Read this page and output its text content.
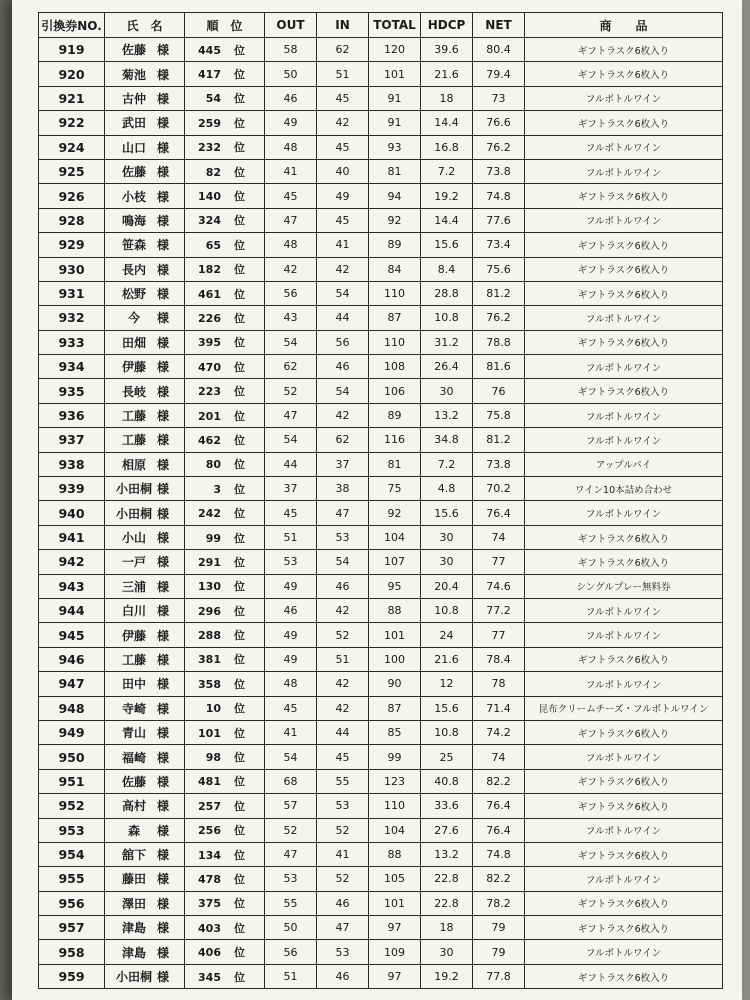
引換券NO.	氏　名	順　位	OUT	IN	TOTAL	HDCP	NET	商　　品
919	佐藤 様	445 位	58	62	120	39.6	80.4	ギフトラスク6枚入り
920	菊池 様	417 位	50	51	101	21.6	79.4	ギフトラスク6枚入り
921	古仲 様	54 位	46	45	91	18	73	フルボトルワイン
922	武田 様	259 位	49	42	91	14.4	76.6	ギフトラスク6枚入り
924	山口 様	232 位	48	45	93	16.8	76.2	フルボトルワイン
925	佐藤 様	82 位	41	40	81	7.2	73.8	フルボトルワイン
926	小枝 様	140 位	45	49	94	19.2	74.8	ギフトラスク6枚入り
928	鳴海 様	324 位	47	45	92	14.4	77.6	フルボトルワイン
929	笹森 様	65 位	48	41	89	15.6	73.4	ギフトラスク6枚入り
930	長内 様	182 位	42	42	84	8.4	75.6	ギフトラスク6枚入り
931	松野 様	461 位	56	54	110	28.8	81.2	ギフトラスク6枚入り
932	今 様	226 位	43	44	87	10.8	76.2	フルボトルワイン
933	田畑 様	395 位	54	56	110	31.2	78.8	ギフトラスク6枚入り
934	伊藤 様	470 位	62	46	108	26.4	81.6	フルボトルワイン
935	長岐 様	223 位	52	54	106	30	76	ギフトラスク6枚入り
936	工藤 様	201 位	47	42	89	13.2	75.8	フルボトルワイン
937	工藤 様	462 位	54	62	116	34.8	81.2	フルボトルワイン
938	相原 様	80 位	44	37	81	7.2	73.8	アップルパイ
939	小田桐 様	3 位	37	38	75	4.8	70.2	ワイン10本詰め合わせ
940	小田桐 様	242 位	45	47	92	15.6	76.4	フルボトルワイン
941	小山 様	99 位	51	53	104	30	74	ギフトラスク6枚入り
942	一戸 様	291 位	53	54	107	30	77	ギフトラスク6枚入り
943	三浦 様	130 位	49	46	95	20.4	74.6	シングルプレー無料券
944	白川 様	296 位	46	42	88	10.8	77.2	フルボトルワイン
945	伊藤 様	288 位	49	52	101	24	77	フルボトルワイン
946	工藤 様	381 位	49	51	100	21.6	78.4	ギフトラスク6枚入り
947	田中 様	358 位	48	42	90	12	78	フルボトルワイン
948	寺崎 様	10 位	45	42	87	15.6	71.4	昆布クリームチーズ・フルボトルワイン
949	青山 様	101 位	41	44	85	10.8	74.2	ギフトラスク6枚入り
950	福崎 様	98 位	54	45	99	25	74	フルボトルワイン
951	佐藤 様	481 位	68	55	123	40.8	82.2	ギフトラスク6枚入り
952	高村 様	257 位	57	53	110	33.6	76.4	ギフトラスク6枚入り
953	森 様	256 位	52	52	104	27.6	76.4	フルボトルワイン
954	舘下 様	134 位	47	41	88	13.2	74.8	ギフトラスク6枚入り
955	藤田 様	478 位	53	52	105	22.8	82.2	フルボトルワイン
956	澤田 様	375 位	55	46	101	22.8	78.2	ギフトラスク6枚入り
957	津島 様	403 位	50	47	97	18	79	ギフトラスク6枚入り
958	津島 様	406 位	56	53	109	30	79	フルボトルワイン
959	小田桐 様	345 位	51	46	97	19.2	77.8	ギフトラスク6枚入り
